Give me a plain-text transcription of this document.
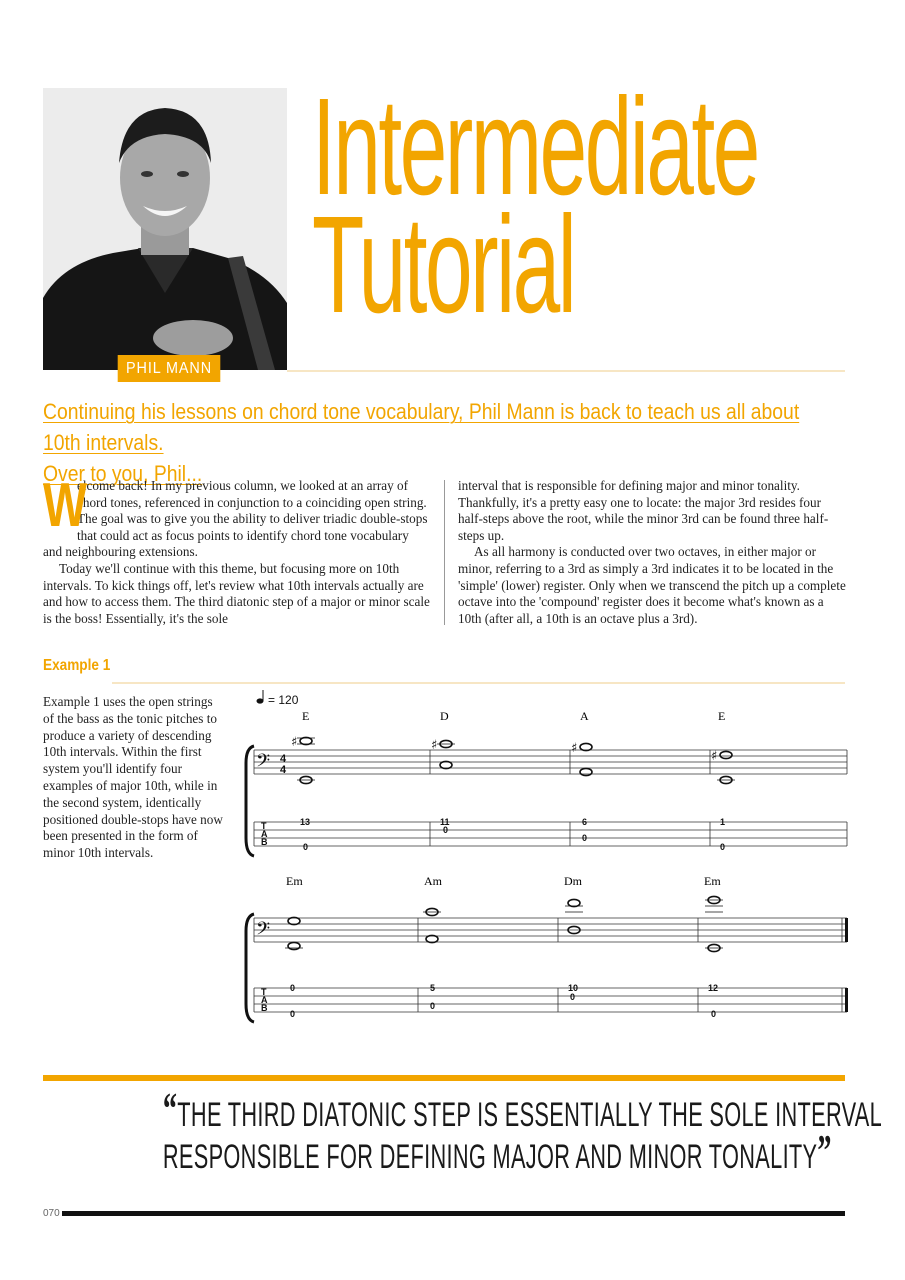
PHIL MANN
Intermediate
Tutorial

Continuing his lessons on chord tone vocabulary, Phil Mann is back to teach us all about 10th intervals.

Over to you, Phil...

W

elcome back! In my previous column, we looked at an array of chord tones, referenced in conjunction to a coinciding open string. The goal was to give you the ability to deliver triadic double-stops that could act as focus points to identify chord tone vocabulary and neighbouring extensions.

Today we'll continue with this theme, but focusing more on 10th intervals. To kick things off, let's review what 10th intervals actually are and how to access them. The third diatonic step of a major or minor scale is the boss! Essentially, it's the sole

interval that is responsible for defining major and minor tonality. Thankfully, it's a pretty easy one to locate: the major 3rd resides four half-steps above the root, while the minor 3rd can be found three half-steps up.

As all harmony is conducted over two octaves, in either major or minor, referring to a 3rd as simply a 3rd indicates it to be located in the 'simple' (lower) register. Only when we transcend the pitch up a complete octave into the 'compound' register does it become what's known as a 10th (after all, a 10th is an octave plus a 3rd).

Example 1

Example 1 uses the open strings of the bass as the tonic pitches to produce a variety of descending 10th intervals. Within the first system you'll identify four examples of major 10th, while in the second system, identically positioned double-stops have now been presented in the form of minor 10th intervals.

= 120
E	D	A	E
𝄢 4
4
♯	♯	♯
♯
T
A
B
13
0
11
0
6
0
1
0
Em	Am	Dm	Em
𝄢
T
A
B
0
0
5
0
10
0
12
0

“THE THIRD DIATONIC STEP IS ESSENTIALLY THE SOLE INTERVAL

RESPONSIBLE FOR DEFINING MAJOR AND MINOR TONALITY”

070
